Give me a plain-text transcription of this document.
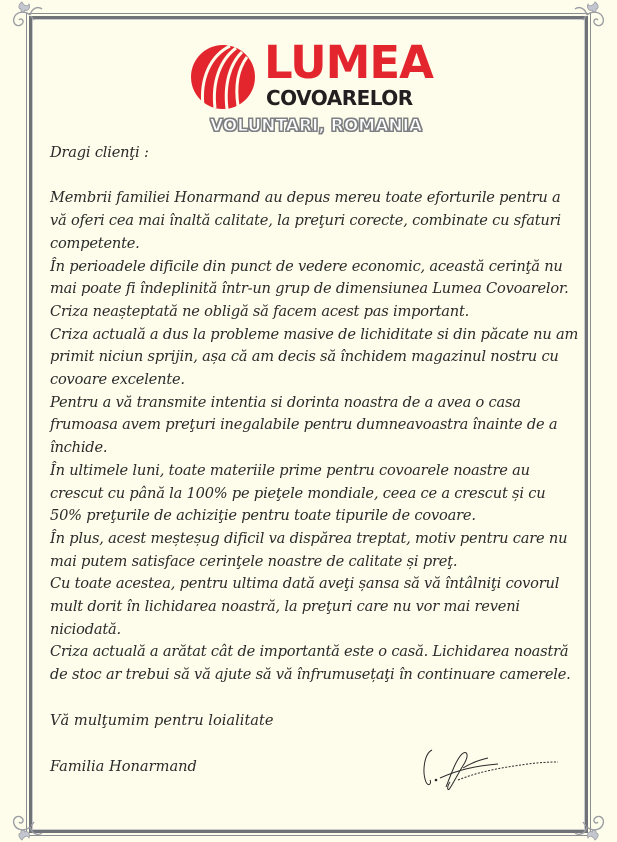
LUMEA
COVOARELOR
VOLUNTARI, ROMANIA

Dragi clienţi :

Membrii familiei Honarmand au depus mereu toate eforturile pentru a vă oferi cea mai înaltă calitate, la preţuri corecte, combinate cu sfaturi competente.

În perioadele dificile din punct de vedere economic, această cerinţă nu mai poate fi îndeplinită într-un grup de dimensiunea Lumea Covoarelor. Criza neașteptată ne obligă să facem acest pas important.

Criza actuală a dus la probleme masive de lichiditate si din păcate nu am primit niciun sprijin, așa că am decis să închidem magazinul nostru cu covoare excelente.

Pentru a vă transmite intentia si dorinta noastra de a avea o casa frumoasa avem preţuri inegalabile pentru dumneavoastra înainte de a închide.

În ultimele luni, toate materiile prime pentru covoarele noastre au crescut cu până la 100% pe pieţele mondiale, ceea ce a crescut și cu 50% preţurile de achiziţie pentru toate tipurile de covoare.

În plus, acest meșteșug dificil va dispărea treptat, motiv pentru care nu mai putem satisface cerinţele noastre de calitate și preţ.

Cu toate acestea, pentru ultima dată aveţi șansa să vă întâlniţi covorul mult dorit în lichidarea noastră, la preţuri care nu vor mai reveni niciodată.

Criza actuală a arătat cât de importantă este o casă. Lichidarea noastră de stoc ar trebui să vă ajute să vă înfrumusețaţi în continuare camerele.

Vă mulţumim pentru loialitate
Familia Honarmand
